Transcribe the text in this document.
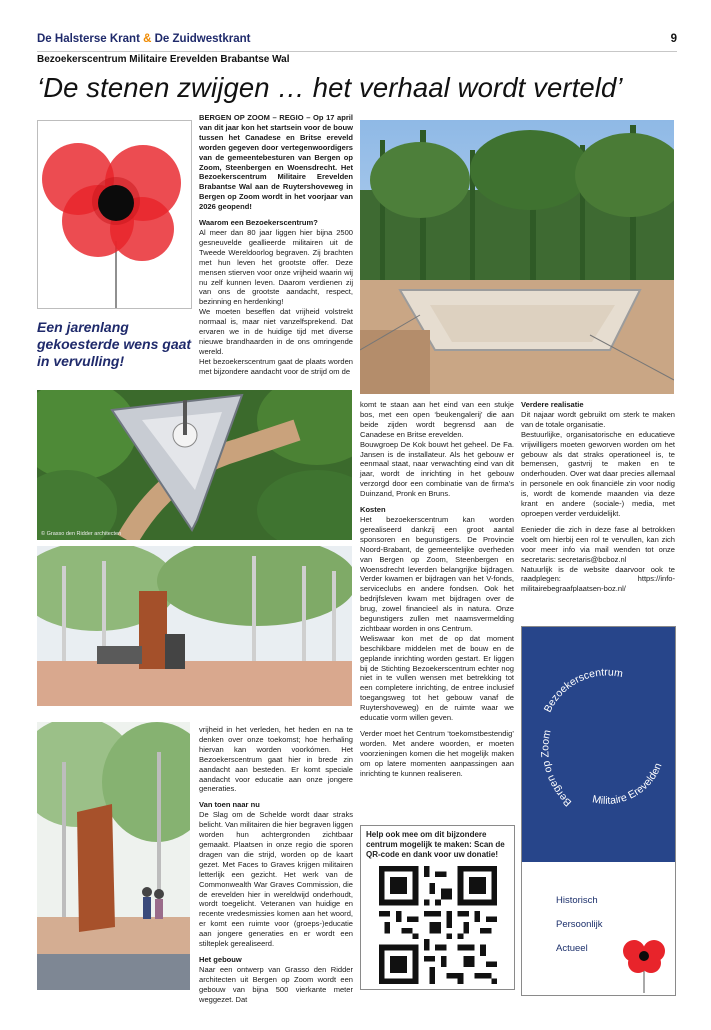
De Halsterse Krant & De Zuidwestkrant	9
Bezoekerscentrum Militaire Erevelden Brabantse Wal
‘De stenen zwijgen … het verhaal wordt verteld’
Een jarenlang gekoesterde wens gaat in vervulling!

BERGEN OP ZOOM – REGIO – Op 17 april van dit jaar kon het startsein voor de bouw tussen het Canadese en Britse ereveld worden gegeven door vertegenwoordigers van de gemeentebesturen van Bergen op Zoom, Steenbergen en Woensdrecht. Het Bezoekerscentrum Militaire Erevelden Brabantse Wal aan de Ruytershoveweg in Bergen op Zoom wordt in het voorjaar van 2026 geopend!

Waarom een Bezoekerscentrum?

Al meer dan 80 jaar liggen hier bijna 2500 gesneuvelde geallieerde militairen uit de Tweede Wereldoorlog begraven. Zij brachten met hun leven het grootste offer. Deze mensen stierven voor onze vrijheid waarin wij nu zelf kunnen leven. Daarom verdienen zij van ons de grootste aandacht, respect, bezinning en herdenking!

We moeten beseffen dat vrijheid volstrekt normaal is, maar niet vanzelfsprekend. Dat ervaren we in de huidige tijd met diverse nieuwe brandhaarden in de ons omringende wereld.

Het bezoekerscentrum gaat de plaats worden met bijzondere aandacht voor de strijd om de

© Grasso den Ridder architecten

vrijheid in het verleden, het heden en na te denken over onze toekomst; hoe herhaling hiervan kan worden voorkómen. Het Bezoekerscentrum gaat hier in brede zin aandacht aan besteden. Er komt speciale aandacht voor educatie aan onze jongere generaties.

Van toen naar nu

De Slag om de Schelde wordt daar straks belicht. Van militairen die hier begraven liggen worden hun achtergronden zichtbaar gemaakt. Plaatsen in onze regio die sporen dragen van die strijd, worden op de kaart gezet. Met Faces to Graves krijgen militairen letterlijk een gezicht. Het werk van de Commonwealth War Graves Commission, die de erevelden hier in wereldwijd onderhoudt, wordt toegelicht. Veteranen van huidige en recente vredesmissies komen aan het woord, er komt een ruimte voor (groeps-)educatie aan jongere generaties en er wordt een stilteplek gerealiseerd.

Het gebouw

Naar een ontwerp van Grasso den Ridder architecten uit Bergen op Zoom wordt een gebouw van bijna 500 vierkante meter weggezet. Dat

komt te staan aan het eind van een stukje bos, met een open ‘beukengalerij’ die aan beide zijden wordt begrensd aan de Canadese en Britse erevelden.

Bouwgroep De Kok bouwt het geheel. De Fa. Jansen is de installateur. Als het gebouw er eenmaal staat, naar verwachting eind van dit jaar, wordt de inrichting in het gebouw verzorgd door een combinatie van de firma’s Duinzand, Pronk en Bruns.

Kosten

Het bezoekerscentrum kan worden gerealiseerd dankzij een groot aantal sponsoren en begunstigers. De Provincie Noord-Brabant, de gemeentelijke overheden van Bergen op Zoom, Steenbergen en Woensdrecht leverden belangrijke bijdragen. Verder kwamen er bijdragen van het V-fonds, serviceclubs en andere fondsen. Ook het bedrijfsleven kwam met bijdragen over de brug, zowel financieel als in natura. Onze begunstigers zullen met naamsvermelding zichtbaar worden in ons Centrum.

Weliswaar kon met de op dat moment beschikbare middelen met de bouw en de geplande inrichting worden gestart. Er liggen bij de Stichting Bezoekerscentrum echter nog niet in te vullen wensen met betrekking tot een completere inrichting, de entree inclusief toegangsweg tot het gebouw vanaf de Ruytershoveweg) en de ruimte waar we educatie vorm willen geven.

Verder moet het Centrum ‘toekomstbestendig’ worden. Met andere woorden, er moeten voorzieningen komen die het mogelijk maken om op latere momenten aanpassingen aan inrichting te kunnen realiseren.

Verdere realisatie

Dit najaar wordt gebruikt om sterk te maken van de totale organisatie.

Bestuurlijke, organisatorische en educatieve vrijwilligers moeten geworven worden om het gebouw als dat straks operationeel is, te bemensen, gastvrij te maken en te onderhouden. Over wat daar precies allemaal in personele en ook financiële zin voor nodig is, wordt de komende maanden via deze krant en andere (sociale-) media, met oproepen verder verduidelijkt.

Eenieder die zich in deze fase al betrokken voelt om hierbij een rol te vervullen, kan zich voor meer info via mail wenden tot onze secretaris: secretaris@bcboz.nl

Natuurlijk is de website daarvoor ook te raadplegen: https://info-militairebegraafplaatsen-boz.nl/

Help ook mee om dit bijzondere centrum mogelijk te maken: Scan de QR-code en dank voor uw donatie!
Bezoekerscentrum
Bergen op Zoom
Militaire Erevelden
Historisch
Persoonlijk
Actueel
